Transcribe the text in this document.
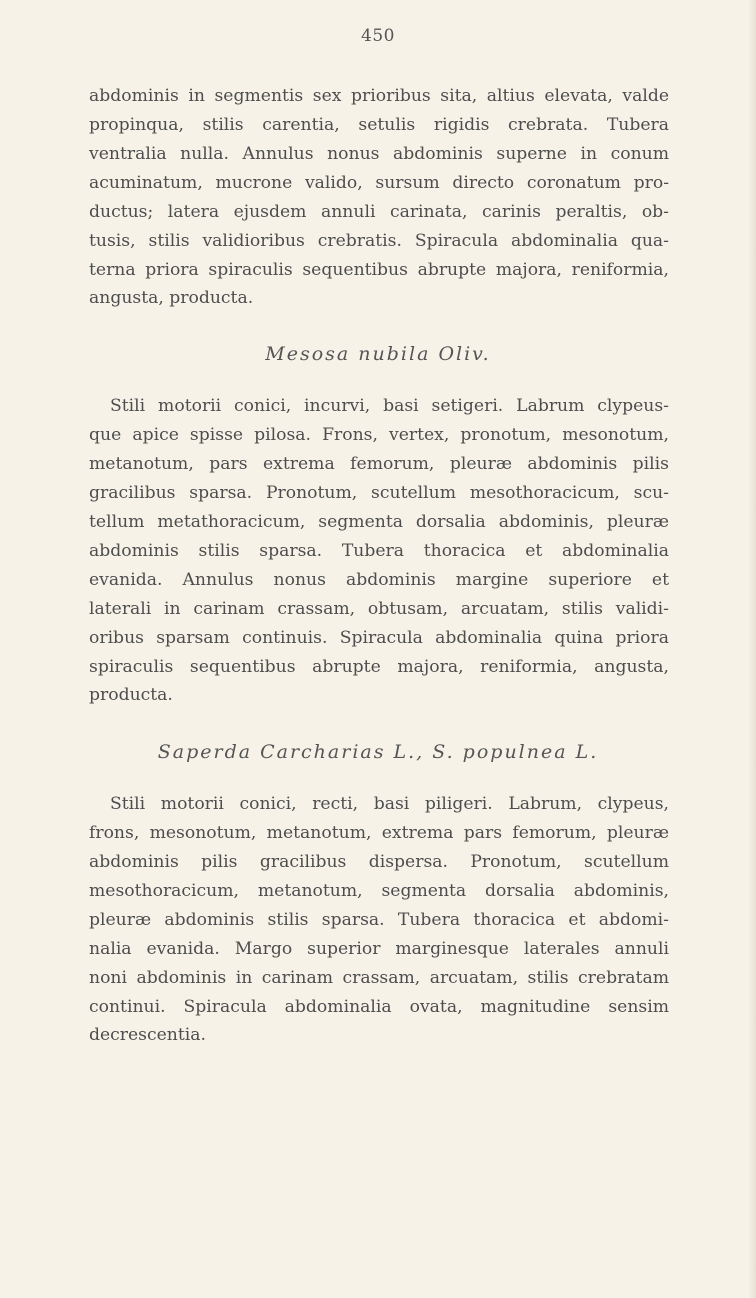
450
abdominis in segmentis sex prioribus sita, altius elevata, valde
propinqua, stilis carentia, setulis rigidis crebrata. Tubera
ventralia nulla. Annulus nonus abdominis superne in conum
acuminatum, mucrone valido, sursum directo coronatum pro-
ductus; latera ejusdem annuli carinata, carinis peraltis, ob-
tusis, stilis validioribus crebratis. Spiracula abdominalia qua-
terna priora spiraculis sequentibus abrupte majora, reniformia,
angusta, producta.
Mesosa nubila Oliv.
Stili motorii conici, incurvi, basi setigeri. Labrum clypeus-
que apice spisse pilosa. Frons, vertex, pronotum, mesonotum,
metanotum, pars extrema femorum, pleuræ abdominis pilis
gracilibus sparsa. Pronotum, scutellum mesothoracicum, scu-
tellum metathoracicum, segmenta dorsalia abdominis, pleuræ
abdominis stilis sparsa. Tubera thoracica et abdominalia
evanida. Annulus nonus abdominis margine superiore et
laterali in carinam crassam, obtusam, arcuatam, stilis validi-
oribus sparsam continuis. Spiracula abdominalia quina priora
spiraculis sequentibus abrupte majora, reniformia, angusta,
producta.
Saperda Carcharias L., S. populnea L.
Stili motorii conici, recti, basi piligeri. Labrum, clypeus,
frons, mesonotum, metanotum, extrema pars femorum, pleuræ
abdominis pilis gracilibus dispersa. Pronotum, scutellum
mesothoracicum, metanotum, segmenta dorsalia abdominis,
pleuræ abdominis stilis sparsa. Tubera thoracica et abdomi-
nalia evanida. Margo superior marginesque laterales annuli
noni abdominis in carinam crassam, arcuatam, stilis crebratam
continui. Spiracula abdominalia ovata, magnitudine sensim
decrescentia.
